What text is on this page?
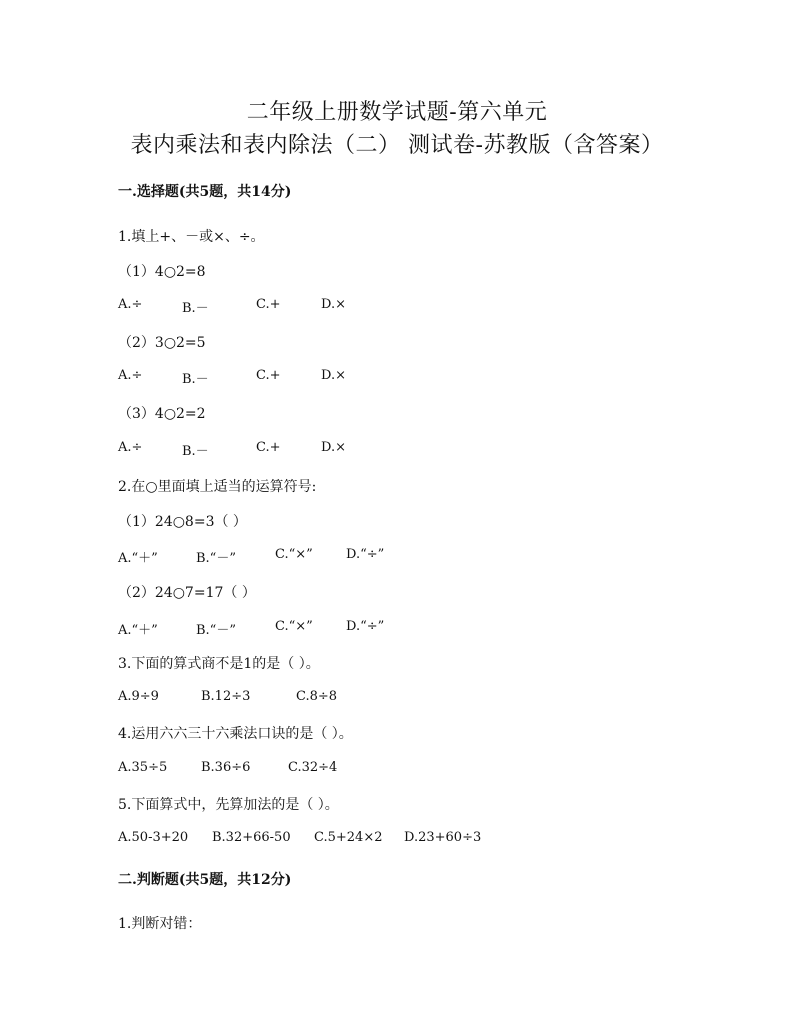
二年级上册数学试题-第六单元
表内乘法和表内除法（二） 测试卷-苏教版（含答案）
一.选择题(共5题，共14分)
1.填上+、－或×、÷。
（1）4○2=8
A.÷	B.－	C.+	D.×
（2）3○2=5
A.÷	B.－	C.+	D.×
（3）4○2=2
A.÷	B.－	C.+	D.×
2.在○里面填上适当的运算符号:
（1）24○8=3（ ）
A.“＋”	B.“－”	C.“×”	D.“÷”
（2）24○7=17（ ）
A.“＋”	B.“－”	C.“×”	D.“÷”
3.下面的算式商不是1的是（ ）。
A.9÷9	B.12÷3	C.8÷8
4.运用六六三十六乘法口诀的是（ ）。
A.35÷5	B.36÷6	C.32÷4
5.下面算式中，先算加法的是（ ）。
A.50-3+20 B.32+66-50 C.5+24×2 D.23+60÷3
二.判断题(共5题，共12分)
1.判断对错：
